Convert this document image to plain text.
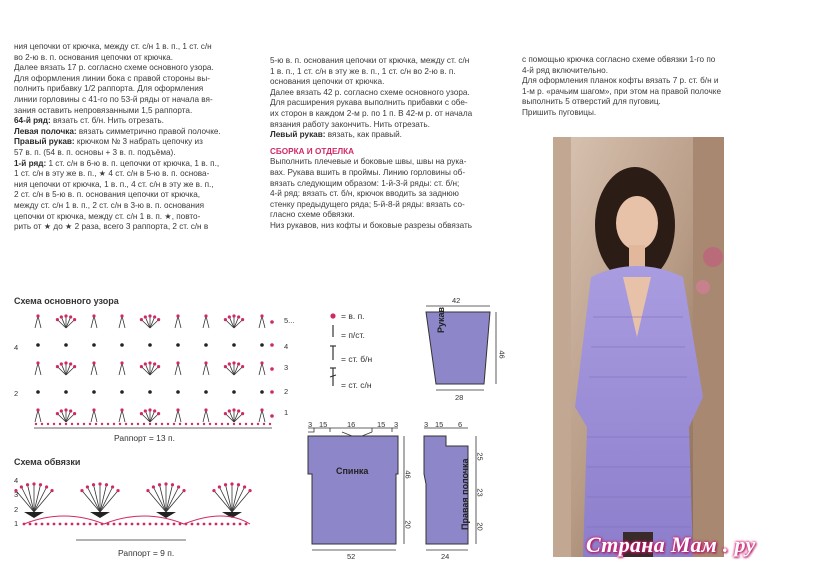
ния цепочки от крючка, между ст. с/н 1 в. п., 1 ст. с/н

во 2-ю в. п. основания цепочки от крючка.

Далее вязать 17 р. согласно схеме основного узора.

Для оформления линии бока с правой стороны вы-

полнить прибавку 1/2 раппорта. Для оформления

линии горловины с 41-го по 53-й ряды от начала вя-

зания оставить непровязанными 1,5 раппорта.

64-й ряд: вязать ст. б/н. Нить отрезать.

Левая полочка: вязать симметрично правой полочке.

Правый рукав: крючком № 3 набрать цепочку из

57 в. п. (54 в. п. основы + 3 в. п. подъёма).

1-й ряд: 1 ст. с/н в 6-ю в. п. цепочки от крючка, 1 в. п.,

1 ст. с/н в эту же в. п., ★ 4 ст. с/н в 5-ю в. п. основа-

ния цепочки от крючка, 1 в. п., 4 ст. с/н в эту же в. п.,

2 ст. с/н в 5-ю в. п. основания цепочки от крючка,

между ст. с/н 1 в. п., 2 ст. с/н в 3-ю в. п. основания

цепочки от крючка, между ст. с/н 1 в. п. ★, повто-

рить от ★ до ★ 2 раза, всего 3 раппорта, 2 ст. с/н в

5-ю в. п. основания цепочки от крючка, между ст. с/н

1 в. п., 1 ст. с/н в эту же в. п., 1 ст. с/н во 2-ю в. п.

основания цепочки от крючка.

Далее вязать 42 р. согласно схеме основного узора.

Для расширения рукава выполнить прибавки с обе-

их сторон в каждом 2-м р. по 1 п. В 42-м р. от начала

вязания работу закончить. Нить отрезать.

Левый рукав: вязать, как правый.

СБОРКА И ОТДЕЛКА

Выполнить плечевые и боковые швы, швы на рука-

вах. Рукава вшить в проймы. Линию горловины об-

вязать следующим образом: 1-й-3-й ряды: ст. б/н;

4-й ряд: вязать ст. б/н, крючок вводить за заднюю

стенку предыдущего ряда; 5-й-8-й ряды: вязать со-

гласно схеме обвязки.

Низ рукавов, низ кофты и боковые разрезы обвязать

с помощью крючка согласно схеме обвязки 1-го по

4-й ряд включительно.

Для оформления планок кофты вязать 7 р. ст. б/н и

1-м р. «рачьим шагом», при этом на правой полочке

выполнить 5 отверстий для пуговиц.

Пришить пуговицы.

Схема основного узора
Раппорт = 13 п.
5...
4
3
2
1
4
2
Схема обвязки
Раппорт = 9 п.
4
3
2
1
= в. п.
= п/ст.
= ст. б/н
= ст. с/н
Рукав
42
28
46
Спинка
3 15	16	15 3
52
46
20	Правая полочка
3 15 6
24
25
23
20
Страна Мам . ру
